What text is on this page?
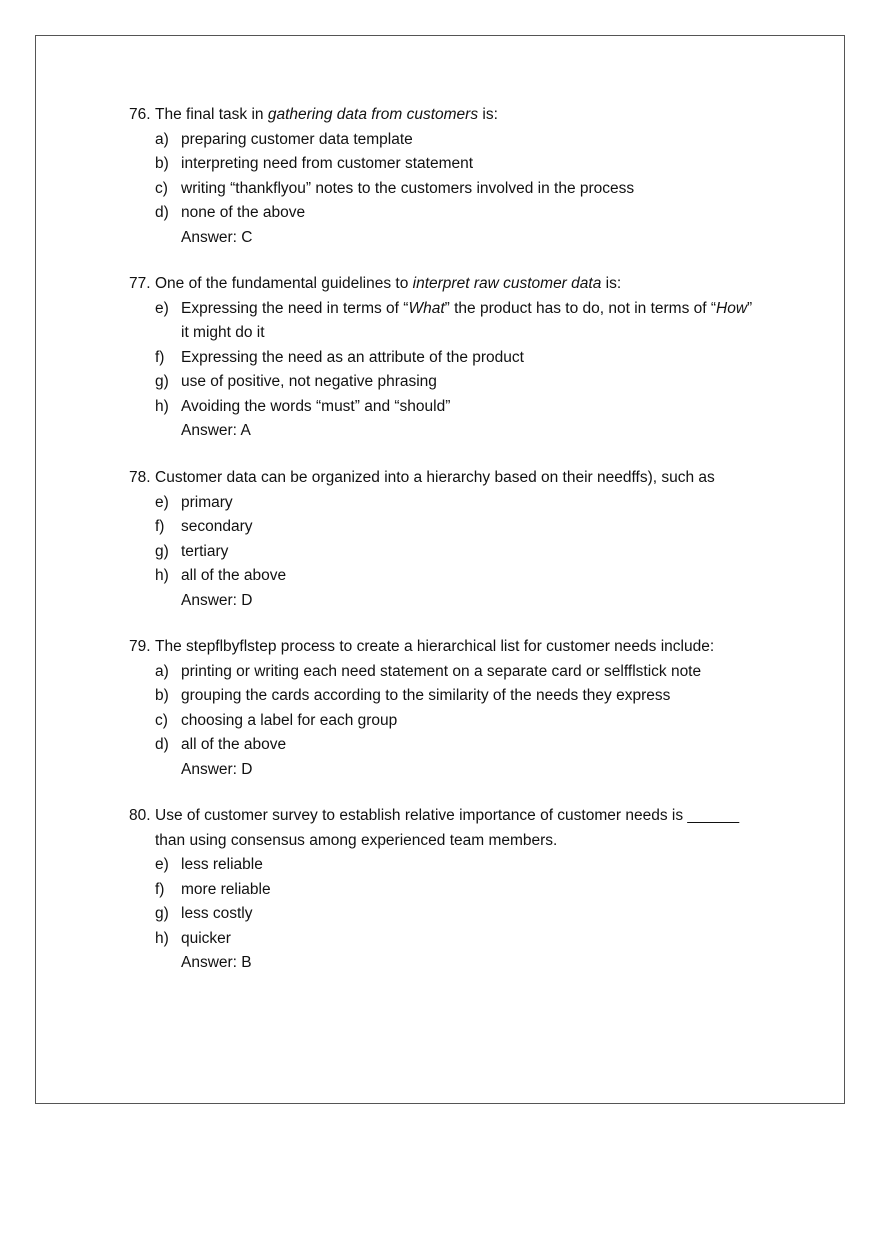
76. The final task in gathering data from customers is:
a) preparing customer data template
b) interpreting need from customer statement
c) writing “thankflyou” notes to the customers involved in the process
d) none of the above
Answer: C
77. One of the fundamental guidelines to interpret raw customer data is:
e) Expressing the need in terms of “What” the product has to do, not in terms of “How” it might do it
f) Expressing the need as an attribute of the product
g) use of positive, not negative phrasing
h) Avoiding the words “must” and “should”
Answer: A
78. Customer data can be organized into a hierarchy based on their needffs), such as
e) primary
f) secondary
g) tertiary
h) all of the above
Answer: D
79. The stepflbyflstep process to create a hierarchical list for customer needs include:
a) printing or writing each need statement on a separate card or selfflstick note
b) grouping the cards according to the similarity of the needs they express
c) choosing a label for each group
d) all of the above
Answer: D
80. Use of customer survey to establish relative importance of customer needs is ______ than using consensus among experienced team members.
e) less reliable
f) more reliable
g) less costly
h) quicker
Answer: B
